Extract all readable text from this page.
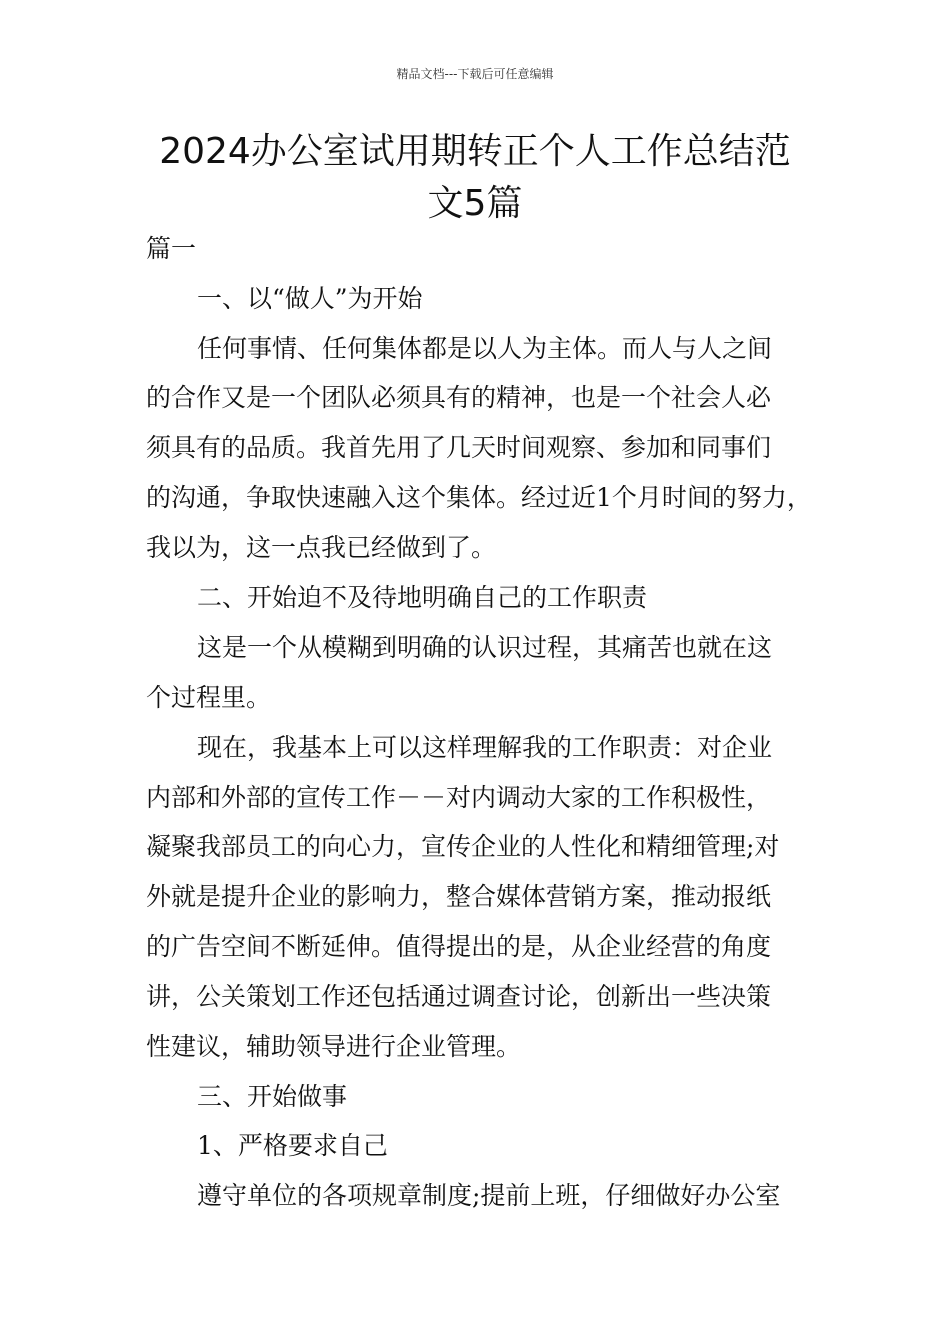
精品文档---下载后可任意编辑
2024办公室试用期转正个人工作总结范
文5篇
篇一
一、以“做人”为开始
任何事情、任何集体都是以人为主体。而人与人之间
的合作又是一个团队必须具有的精神，也是一个社会人必
须具有的品质。我首先用了几天时间观察、参加和同事们
的沟通，争取快速融入这个集体。经过近1个月时间的努力，
我以为，这一点我已经做到了。
二、开始迫不及待地明确自己的工作职责
这是一个从模糊到明确的认识过程，其痛苦也就在这
个过程里。
现在，我基本上可以这样理解我的工作职责：对企业
内部和外部的宣传工作－－对内调动大家的工作积极性，
凝聚我部员工的向心力，宣传企业的人性化和精细管理;对
外就是提升企业的影响力，整合媒体营销方案，推动报纸
的广告空间不断延伸。值得提出的是，从企业经营的角度
讲，公关策划工作还包括通过调查讨论，创新出一些决策
性建议，辅助领导进行企业管理。
三、开始做事
1、严格要求自己
遵守单位的各项规章制度;提前上班，仔细做好办公室
